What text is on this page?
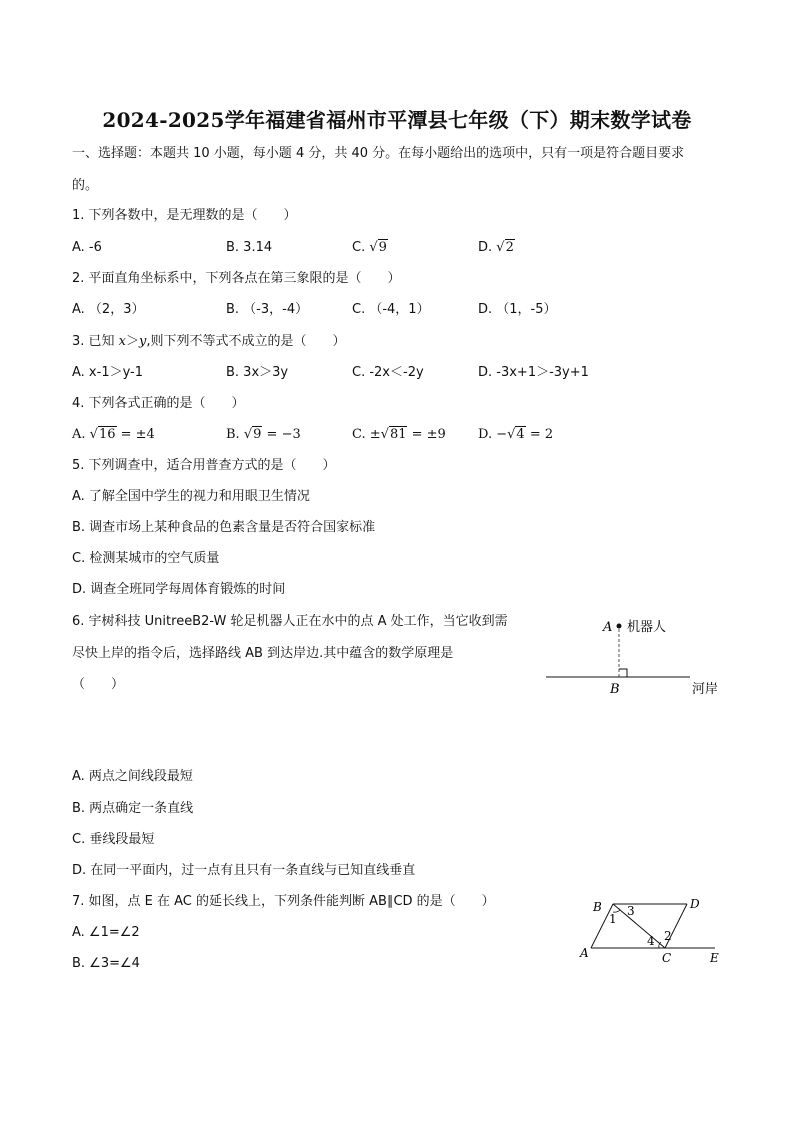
2024-2025学年福建省福州市平潭县七年级（下）期末数学试卷
一、选择题：本题共 10 小题，每小题 4 分，共 40 分。在每小题给出的选项中，只有一项是符合题目要求
的。
1. 下列各数中，是无理数的是（　　）
A. -6	B. 3.14	C. √9	D. √2
2. 平面直角坐标系中，下列各点在第三象限的是（　　）
A. （2，3）	B. （-3，-4）	C. （-4，1）	D. （1，-5）
3. 已知 x＞y,则下列不等式不成立的是（　　）
A. x-1＞y-1	B. 3x＞3y	C. -2x＜-2y	D. -3x+1＞-3y+1
4. 下列各式正确的是（　　）
A. √16 = ±4	B. √9 = −3	C. ±√81 = ±9 D. −√4 = 2
5. 下列调查中，适合用普查方式的是（　　）
A. 了解全国中学生的视力和用眼卫生情况
B. 调查市场上某种食品的色素含量是否符合国家标准
C. 检测某城市的空气质量
D. 调查全班同学每周体育锻炼的时间
6. 宇树科技 UnitreeB2-W 轮足机器人正在水中的点 A 处工作，当它收到需
尽快上岸的指令后，选择路线 AB 到达岸边.其中蕴含的数学原理是
（　　）
A 机器人
B	河岸
A. 两点之间线段最短
B. 两点确定一条直线
C. 垂线段最短
D. 在同一平面内，过一点有且只有一条直线与已知直线垂直
7. 如图，点 E 在 AC 的延长线上，下列条件能判断 AB∥CD 的是（　　）
A. ∠1=∠2
B. ∠3=∠4
B	D
A	C	E
1
3
2
4
